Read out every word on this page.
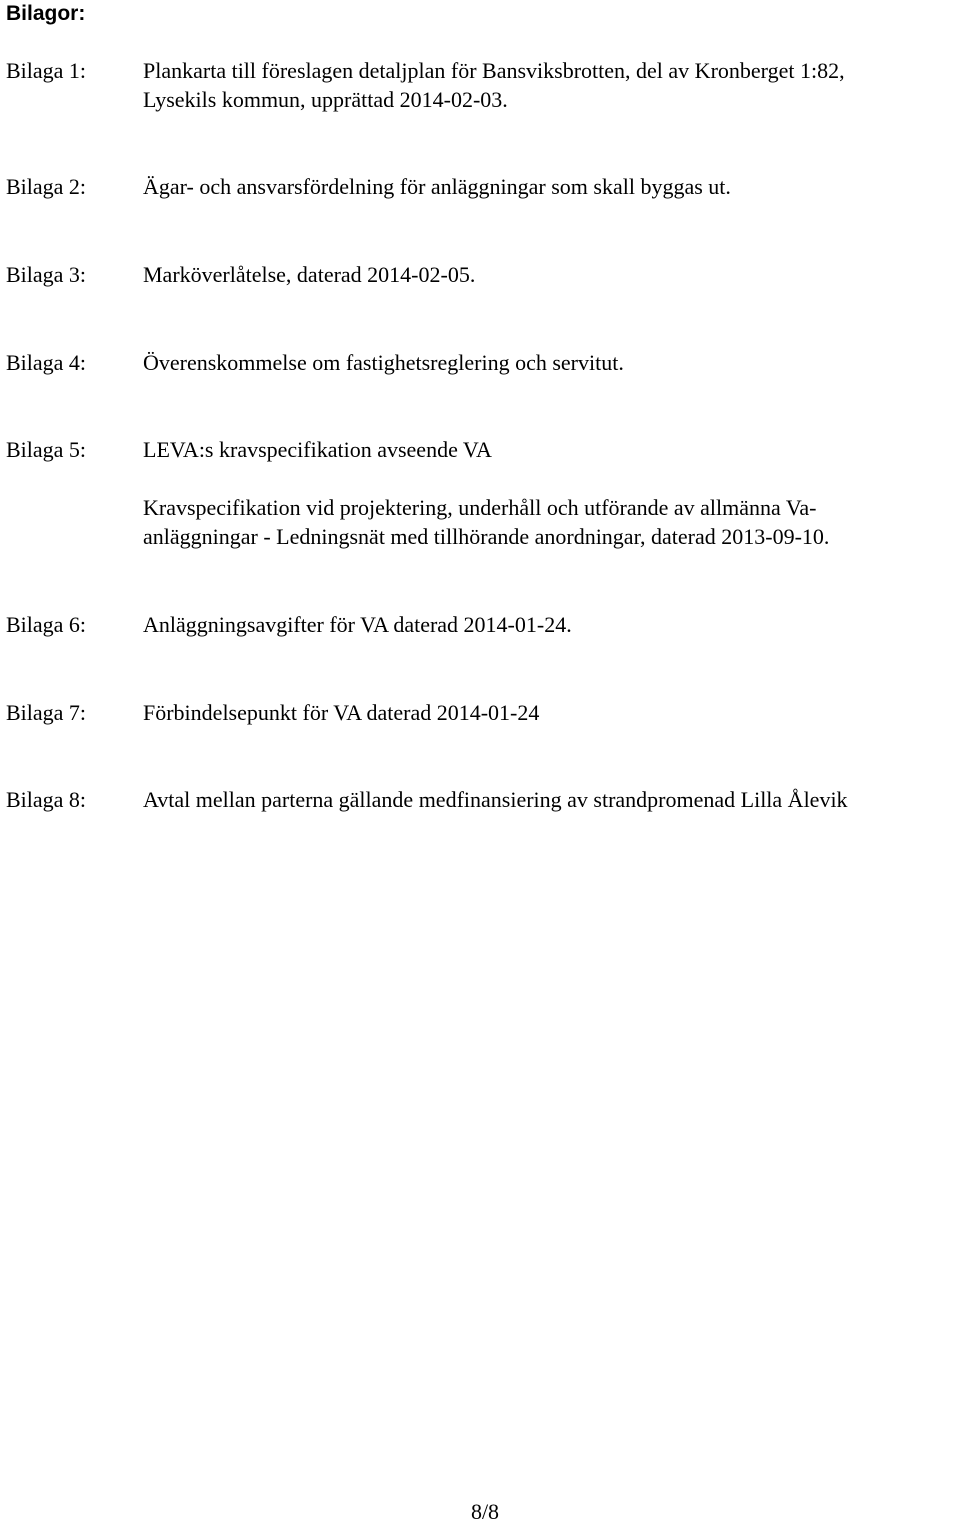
Bilagor:
Bilaga 1:	Plankarta till föreslagen detaljplan för Bansviksbrotten, del av Kronberget 1:82,
Lysekils kommun, upprättad 2014-02-03.
Bilaga 2:	Ägar- och ansvarsfördelning för anläggningar som skall byggas ut.
Bilaga 3:	Marköverlåtelse, daterad 2014-02-05.
Bilaga 4:	Överenskommelse om fastighetsreglering och servitut.
Bilaga 5:	LEVA:s kravspecifikation avseende VA
Kravspecifikation vid projektering, underhåll och utförande av allmänna Va-
anläggningar - Ledningsnät med tillhörande anordningar, daterad 2013-09-10.
Bilaga 6:	Anläggningsavgifter för VA daterad 2014-01-24.
Bilaga 7:	Förbindelsepunkt för VA daterad 2014-01-24
Bilaga 8:	Avtal mellan parterna gällande medfinansiering av strandpromenad Lilla Ålevik
8/8
